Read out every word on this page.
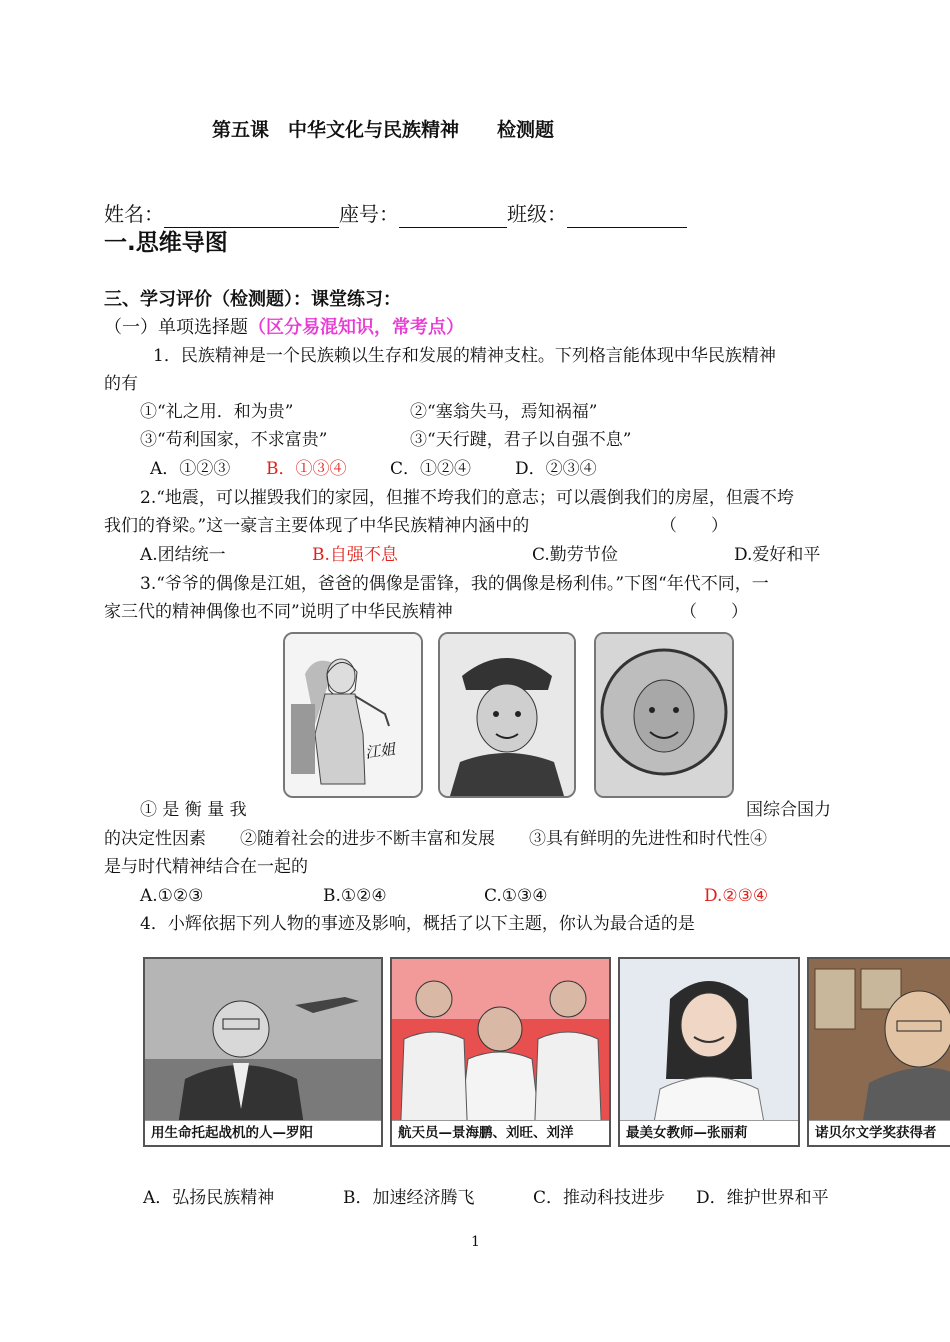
第五课　中华文化与民族精神　　检测题
姓名：	座号：	班级：
一.思维导图
三、学习评价（检测题）：课堂练习：
（一）单项选择题（区分易混知识，常考点）
1．民族精神是一个民族赖以生存和发展的精神支柱。下列格言能体现中华民族精神
的有
①“礼之用．和为贵”	②“塞翁失马，焉知祸福”
③“苟利国家，不求富贵”	③“天行踺，君子以自强不息”
A．①②③ B．①③④	C．①②④	D．②③④
2.“地震，可以摧毁我们的家园，但摧不垮我们的意志；可以震倒我们的房屋，但震不垮
我们的脊梁。”这一豪言主要体现了中华民族精神内涵中的	（　　）
A.团结统一	B.自强不息	C.勤劳节俭	D.爱好和平
3.“爷爷的偶像是江姐，爸爸的偶像是雷锋，我的偶像是杨利伟。”下图“年代不同，一
家三代的精神偶像也不同”说明了中华民族精神	（　　）
江姐
① 是 衡 量 我	国综合国力
的决定性因素　　②随着社会的进步不断丰富和发展　　③具有鲜明的先进性和时代性④
是与时代精神结合在一起的
A.①②③	B.①②④	C.①③④	D.②③④
4．小辉依据下列人物的事迹及影响，概括了以下主题，你认为最合适的是
用生命托起战机的人—罗阳	航天员—景海鹏、刘旺、刘洋	最美女教师—张丽莉	诺贝尔文学奖获得者
A．弘扬民族精神	B．加速经济腾飞	C．推动科技进步 D．维护世界和平
1
